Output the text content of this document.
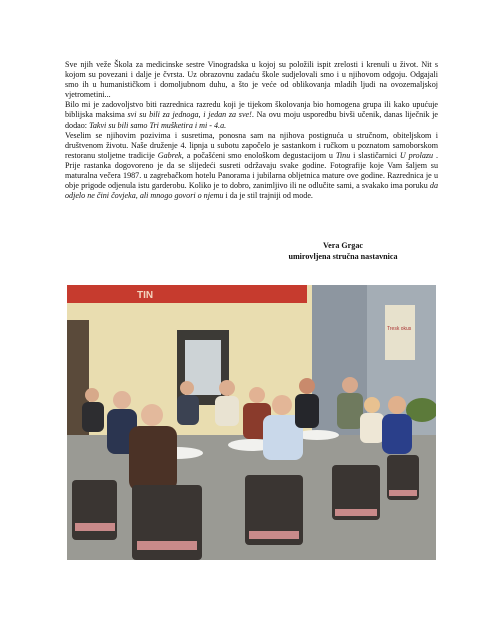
Sve njih veže Škola za medicinske sestre Vinogradska u kojoj su položili ispit zrelosti i krenuli u život. Nit s kojom su povezani i dalje je čvrsta. Uz obrazovnu zadaću škole sudjelovali smo i u njihovom odgoju. Odgajali smo ih u humanističkom i domoljubnom duhu, a što je veće od oblikovanja mladih ljudi na ovozemaljskoj vjetrometini...

Bilo mi je zadovoljstvo biti razrednica razredu koji je tijekom školovanja bio homogena grupa ili kako upućuje biblijska maksima svi su bili za jednoga, i jedan za sve!. Na ovu moju usporedbu bivši učenik, danas liječnik je dodao: Takvi su bili samo Tri mušketira i mi - 4.a.

Veselim se njihovim pozivima i susretima, ponosna sam na njihova postignuća u stručnom, obiteljskom i društvenom životu. Naše druženje 4. lipnja u subotu započelo je sastankom i ručkom u poznatom samoborskom restoranu stoljetne tradicije Gabrek, a počašćeni smo enološkom degustacijom u Tinu i slastičarnici U prolazu . Prije rastanka dogovoreno je da se slijedeći susreti održavaju svake godine. Fotografije koje Vam šaljem su maturalna večera 1987. u zagrebačkom hotelu Panorama i jubilarna obljetnica mature ove godine. Razrednica je u obje prigode odjenula istu garderobu. Koliko je to dobro, zanimljivo ili ne odlučite sami, a svakako ima poruku da odjelo ne čini čovjeka, ali mnogo govori o njemu i da je stil trajniji od mode.

Vera Grgac
umirovljena stručna nastavnica
TIN
Tresk okus
